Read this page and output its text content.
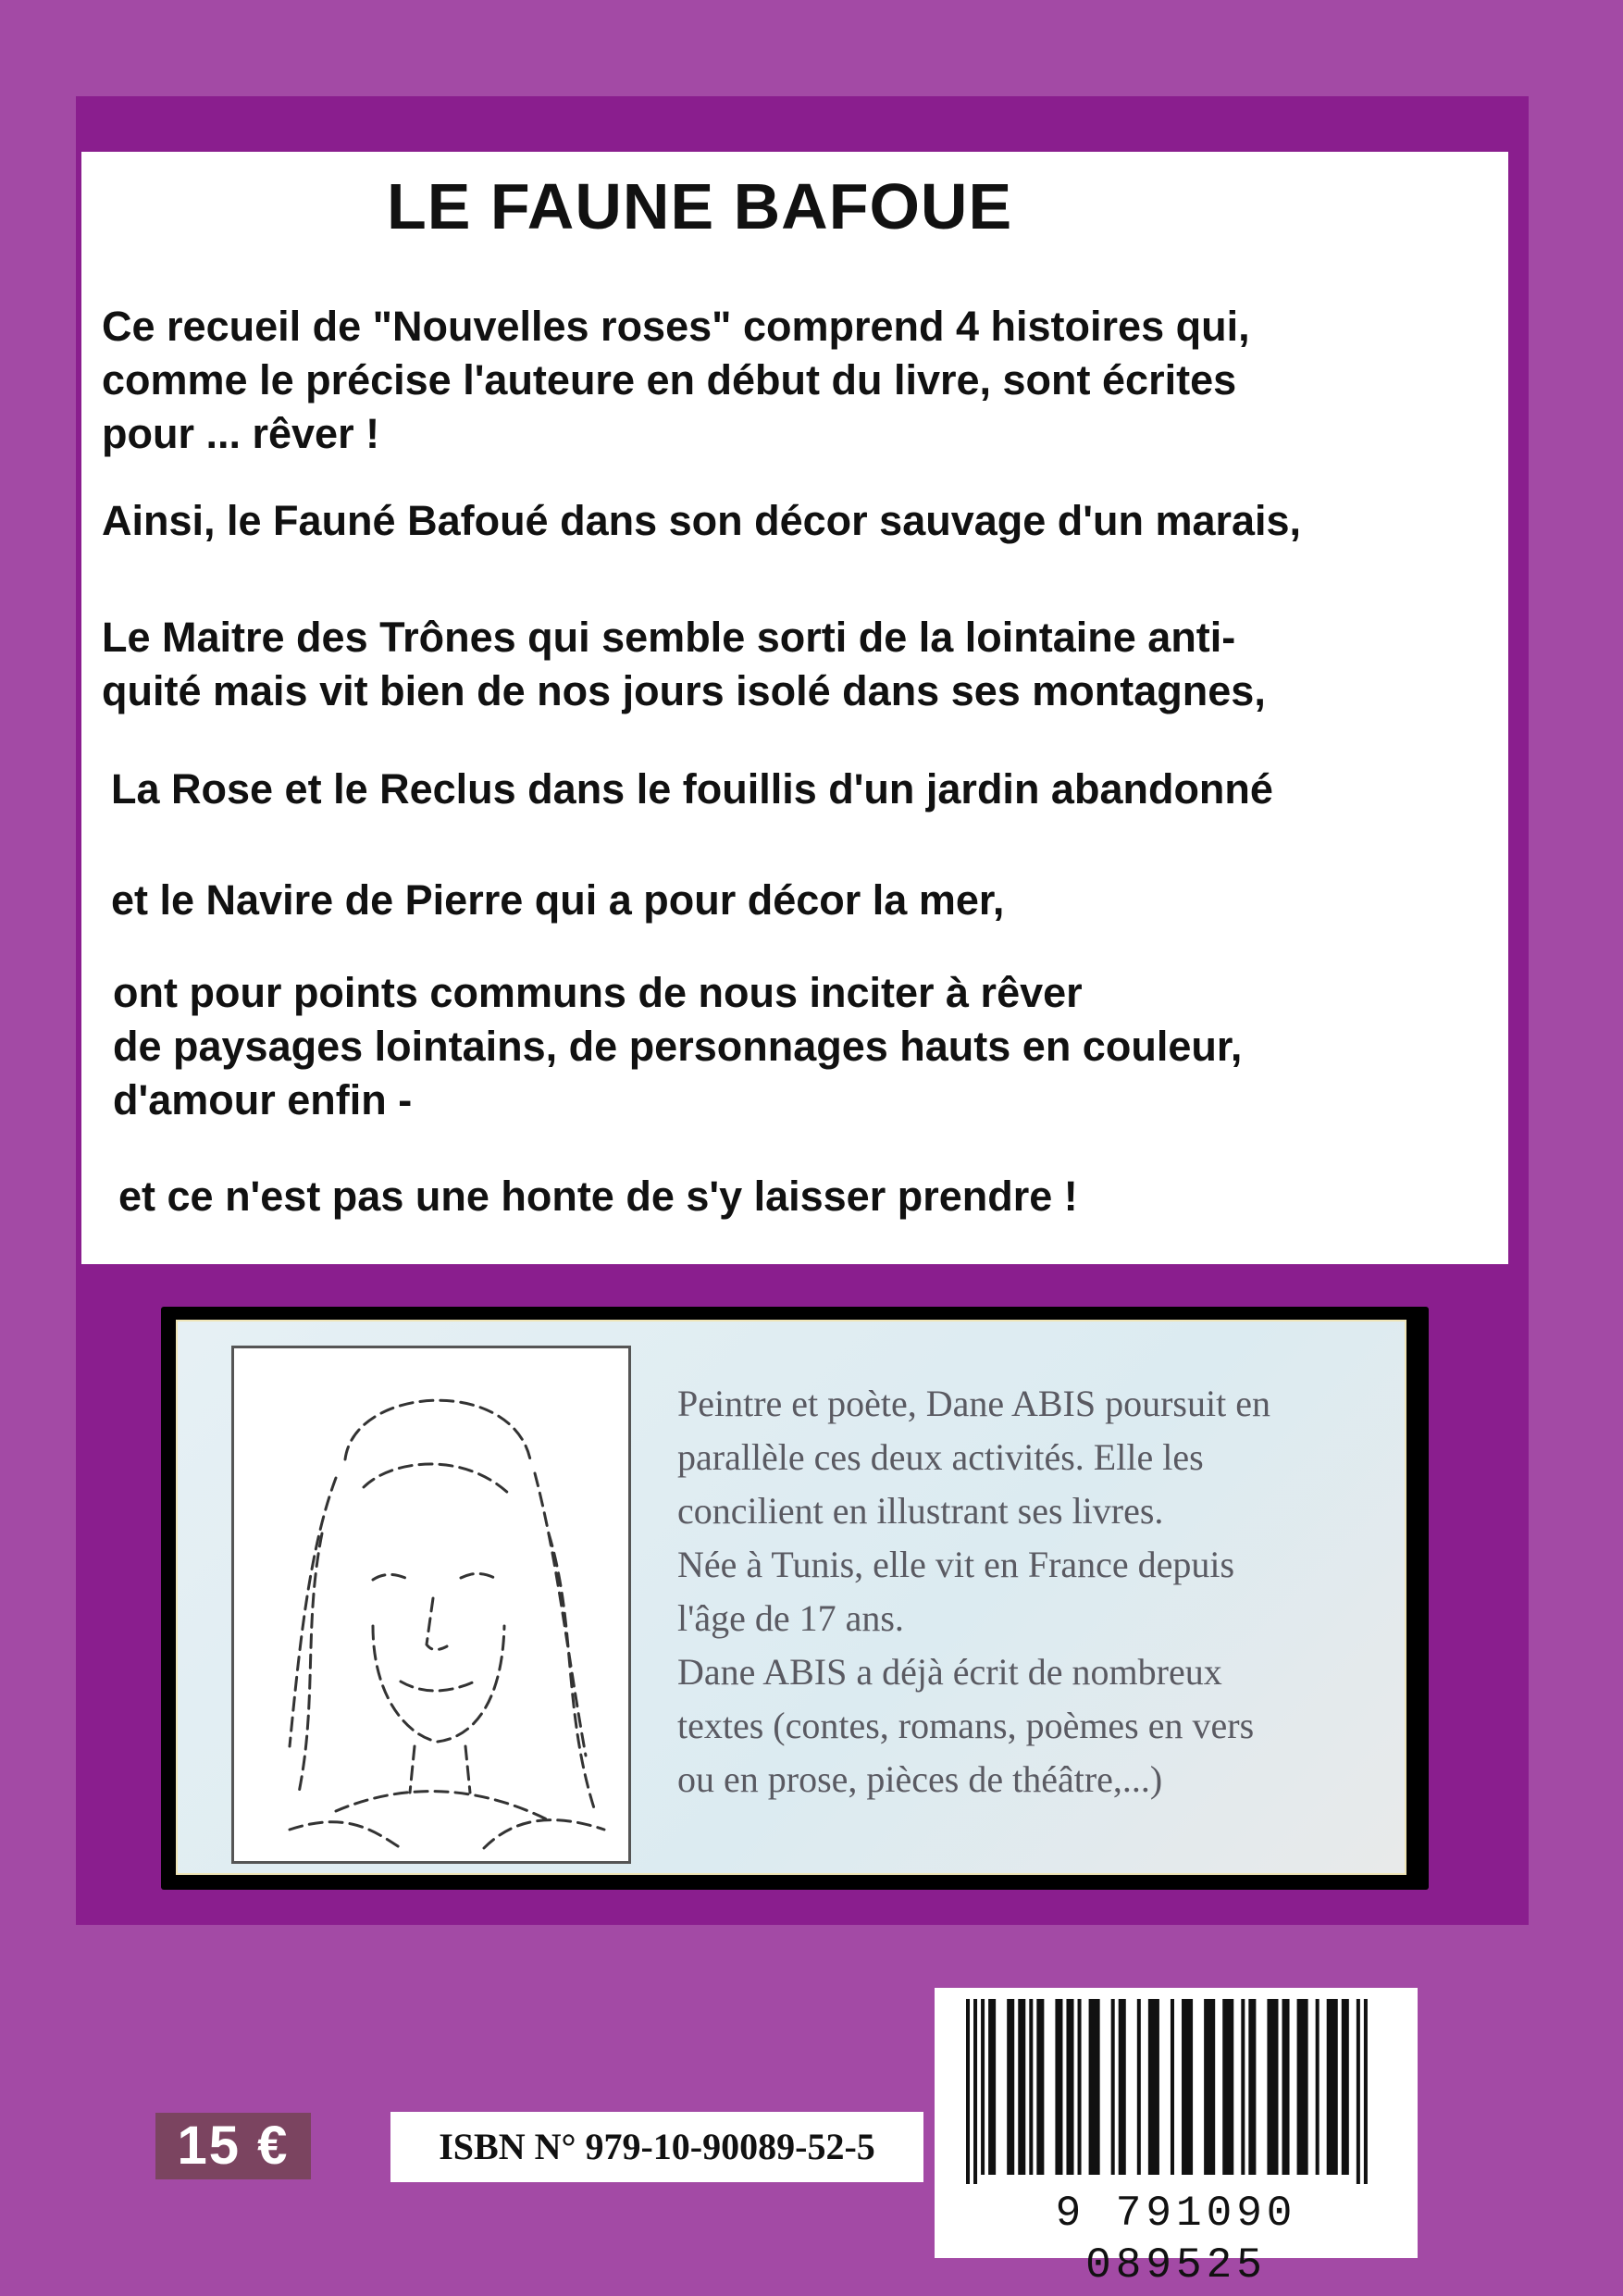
LE FAUNE BAFOUE

Ce recueil de "Nouvelles roses" comprend 4 histoires qui,
comme le précise l'auteure en début du livre, sont écrites
pour ... rêver !

Ainsi, le Fauné Bafoué dans son décor sauvage d'un marais,

Le Maitre des Trônes qui semble sorti de la lointaine anti-
quité mais vit bien de nos jours isolé dans ses montagnes,

La Rose et le Reclus dans le fouillis d'un jardin abandonné

et le Navire de Pierre qui a pour décor la mer,

ont pour points communs de nous inciter à rêver
de paysages lointains, de personnages hauts en couleur,
d'amour enfin -

et ce n'est pas une honte de s'y laisser prendre !

Peintre et poète, Dane ABIS poursuit en
parallèle ces deux activités. Elle les
concilient en illustrant ses livres.
Née à Tunis, elle vit en France depuis
l'âge de 17 ans.
Dane ABIS a déjà écrit de nombreux
textes (contes, romans, poèmes en vers
ou en prose, pièces de théâtre,...)

15 €	ISBN N° 979-10-90089-52-5
9 791090 089525
